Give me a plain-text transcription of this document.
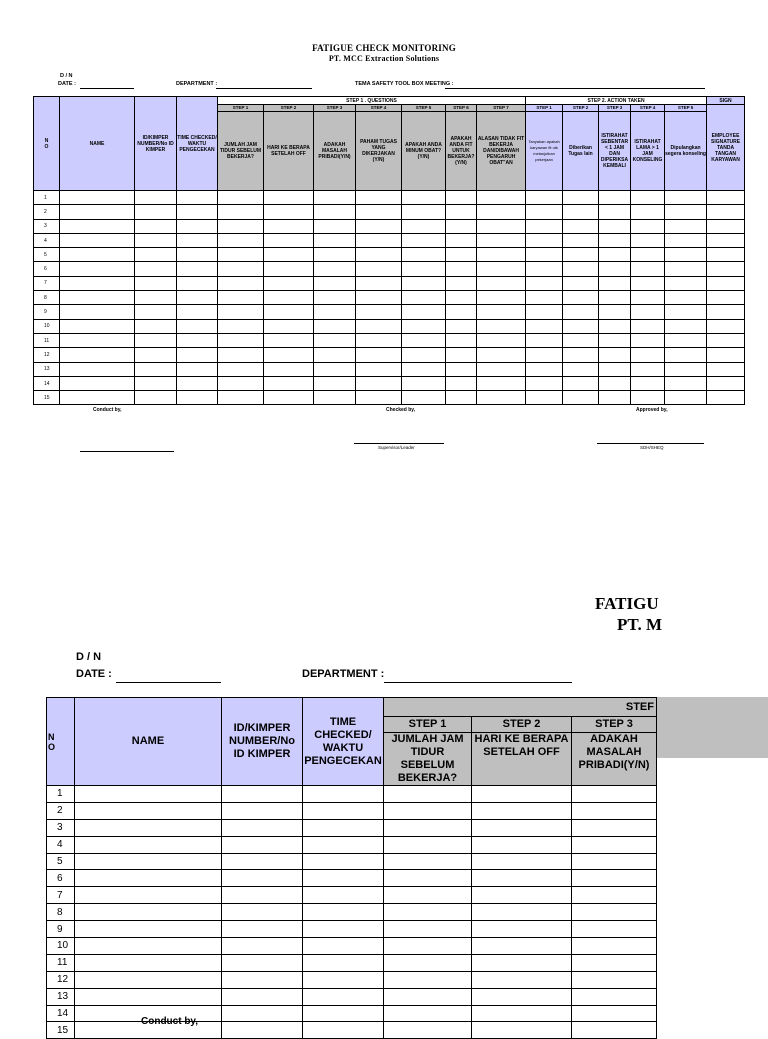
FATIGUE CHECK MONITORING
PT. MCC Extraction Solutions
D / N
DATE :	DEPARTMENT :	TEMA SAFETY TOOL BOX MEETING :
N
O	NAME	ID/KIMPER NUMBER/No ID KIMPER	TIME CHECKED/ WAKTU PENGECEKAN	STEP 1 . QUESTIONS							STEP 2. ACTION TAKEN					SIGN
				STEP 1	STEP 2	STEP 3	STEP 4	STEP 5	STEP 6	STEP 7	STEP 1	STEP 2	STEP 3	STEP 4	STEP 5	EMPLOYEE SIGNATURE TANDA TANGAN KARYAWAN
				JUMLAH JAM TIDUR SEBELUM BEKERJA?	HARI KE BERAPA SETELAH OFF	ADAKAH MASALAH PRIBADI(Y/N)	PAHAM TUGAS YANG DIKERJAKAN (Y/N)	APAKAH ANDA MINUM OBAT? (Y/N)	APAKAH ANDA FIT UNTUK BEKERJA? (Y/N)	ALASAN TIDAK FIT BEKERJA DAN/DIBAWAH PENGARUH OBAT"AN	Tanyakan apakah karyawan fit utk melanjutkan pekerjaan	Diberikan Tugas lain	ISTIRAHAT SEBENTAR < 1 JAM DAN DIPERIKSA KEMBALI	ISTIRAHAT LAMA > 1 JAM KONSELING	Dipulangkan segera konseling	
1																
2																
3																
4																
5																
6																
7																
8																
9																
10																
11																
12																
13																
14																
15																
Conduct by,	Checked by,	Approved by,
Supervisor/Leader	SDH/SHEQ
FATIGU
PT. M
D / N
DATE :	DEPARTMENT :
N
O	NAME	ID/KIMPER NUMBER/No ID KIMPER	TIME CHECKED/ WAKTU PENGECEKAN	STEF		
				STEP 1	STEP 2	STEP 3
				JUMLAH JAM TIDUR SEBELUM BEKERJA?	HARI KE BERAPA SETELAH OFF	ADAKAH MASALAH PRIBADI(Y/N)
1						
2						
3						
4						
5						
6						
7						
8						
9						
10						
11						
12						
13						
14						
15						
Conduct by,
